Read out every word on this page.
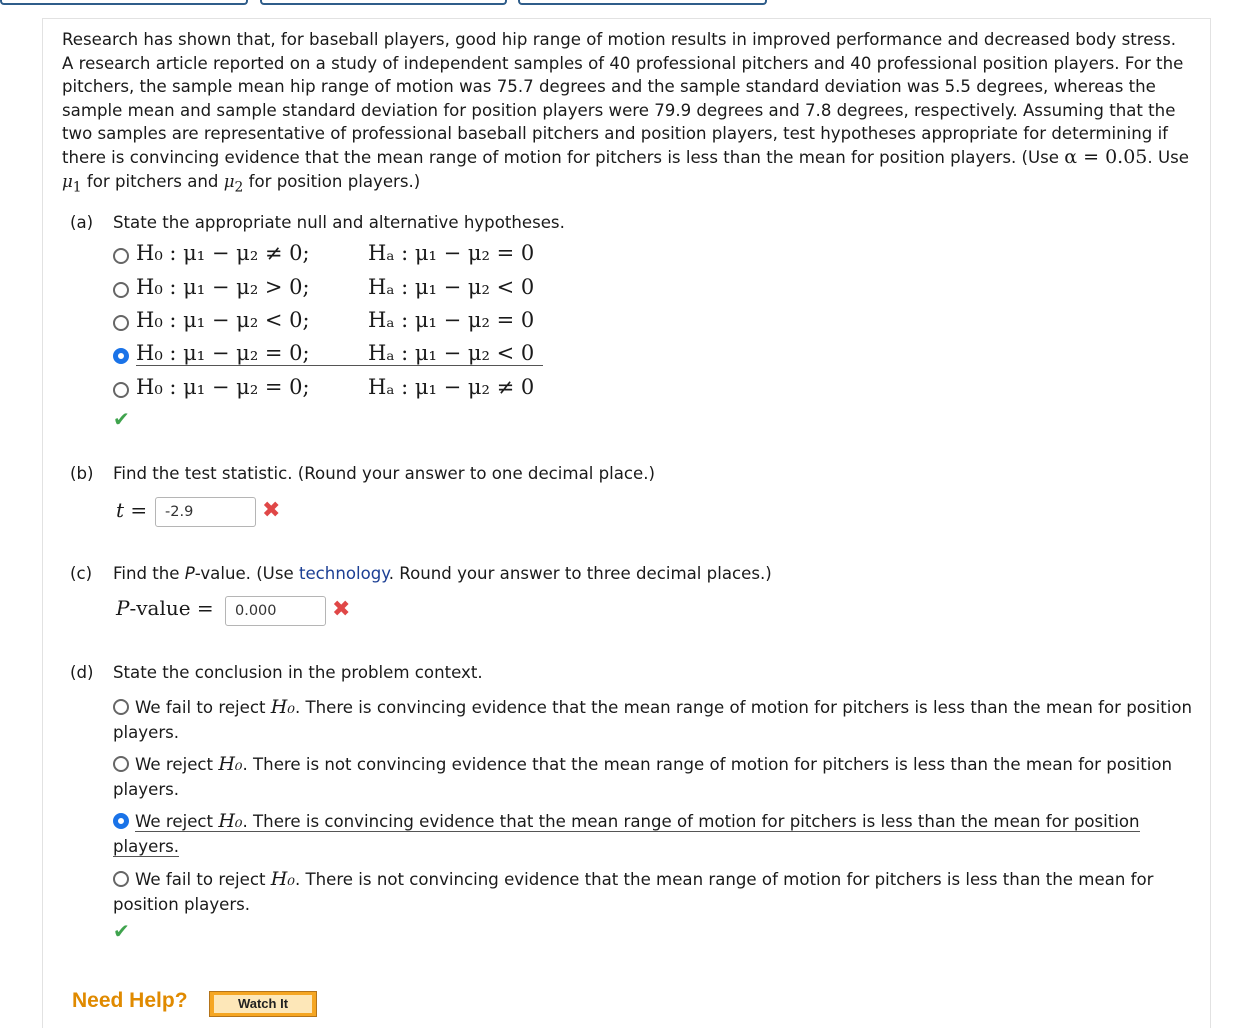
Research has shown that, for baseball players, good hip range of motion results in improved performance and decreased body stress. A research article reported on a study of independent samples of 40 professional pitchers and 40 professional position players. For the pitchers, the sample mean hip range of motion was 75.7 degrees and the sample standard deviation was 5.5 degrees, whereas the sample mean and sample standard deviation for position players were 79.9 degrees and 7.8 degrees, respectively. Assuming that the two samples are representative of professional baseball pitchers and position players, test hypotheses appropriate for determining if there is convincing evidence that the mean range of motion for pitchers is less than the mean for position players. (Use α = 0.05. Use $\mu_1$ for pitchers and $\mu_2$ for position players.)
(a) State the appropriate null and alternative hypotheses.
H₀ : μ₁ − μ₂ ≠ 0;	Hₐ : μ₁ − μ₂ = 0
H₀ : μ₁ − μ₂ > 0;	Hₐ : μ₁ − μ₂ < 0
H₀ : μ₁ − μ₂ < 0;	Hₐ : μ₁ − μ₂ = 0
H₀ : μ₁ − μ₂ = 0;	Hₐ : μ₁ − μ₂ < 0
H₀ : μ₁ − μ₂ = 0;	Hₐ : μ₁ − μ₂ ≠ 0
✔
(b) Find the test statistic. (Round your answer to one decimal place.)
t =	-2.9	✖
(c) Find the P-value. (Use technology. Round your answer to three decimal places.)
P-value =	0.000	✖
(d) State the conclusion in the problem context.
We fail to reject H₀. There is convincing evidence that the mean range of motion for pitchers is less than the mean for position players.
We reject H₀. There is not convincing evidence that the mean range of motion for pitchers is less than the mean for position players.
We reject H₀. There is convincing evidence that the mean range of motion for pitchers is less than the mean for position players.
We fail to reject H₀. There is not convincing evidence that the mean range of motion for pitchers is less than the mean for position players.
✔
Need Help?	Watch It
